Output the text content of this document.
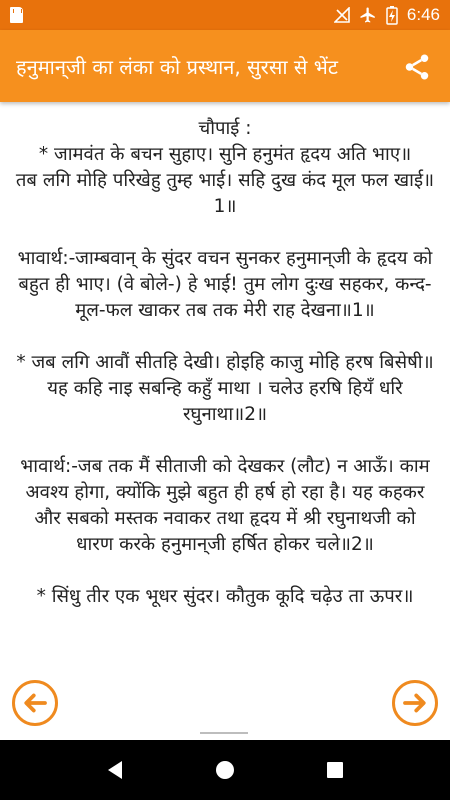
6:46
हनुमान्‌जी का लंका को प्रस्थान, सुरसा से भेंट

चौपाई :

* जामवंत के बचन सुहाए। सुनि हनुमंत हृदय अति भाए॥

तब लगि मोहि परिखेहु तुम्ह भाई। सहि दुख कंद मूल फल खाई॥1॥

भावार्थ:-जाम्बवान्‌ के सुंदर वचन सुनकर हनुमान्‌जी के हृदय को बहुत ही भाए। (वे बोले-) हे भाई! तुम लोग दुःख सहकर, कन्द-मूल-फल खाकर तब तक मेरी राह देखना॥1॥

* जब लगि आवौं सीतहि देखी। होइहि काजु मोहि हरष बिसेषी॥

यह कहि नाइ सबन्हि कहुँ माथा । चलेउ हरषि हियँ धरि रघुनाथा॥2॥

भावार्थ:-जब तक मैं सीताजी को देखकर (लौट) न आऊँ। काम अवश्य होगा, क्योंकि मुझे बहुत ही हर्ष हो रहा है। यह कहकर और सबको मस्तक नवाकर तथा हृदय में श्री रघुनाथजी को धारण करके हनुमान्‌जी हर्षित होकर चले॥2॥

* सिंधु तीर एक भूधर सुंदर। कौतुक कूदि चढ़ेउ ता ऊपर॥
